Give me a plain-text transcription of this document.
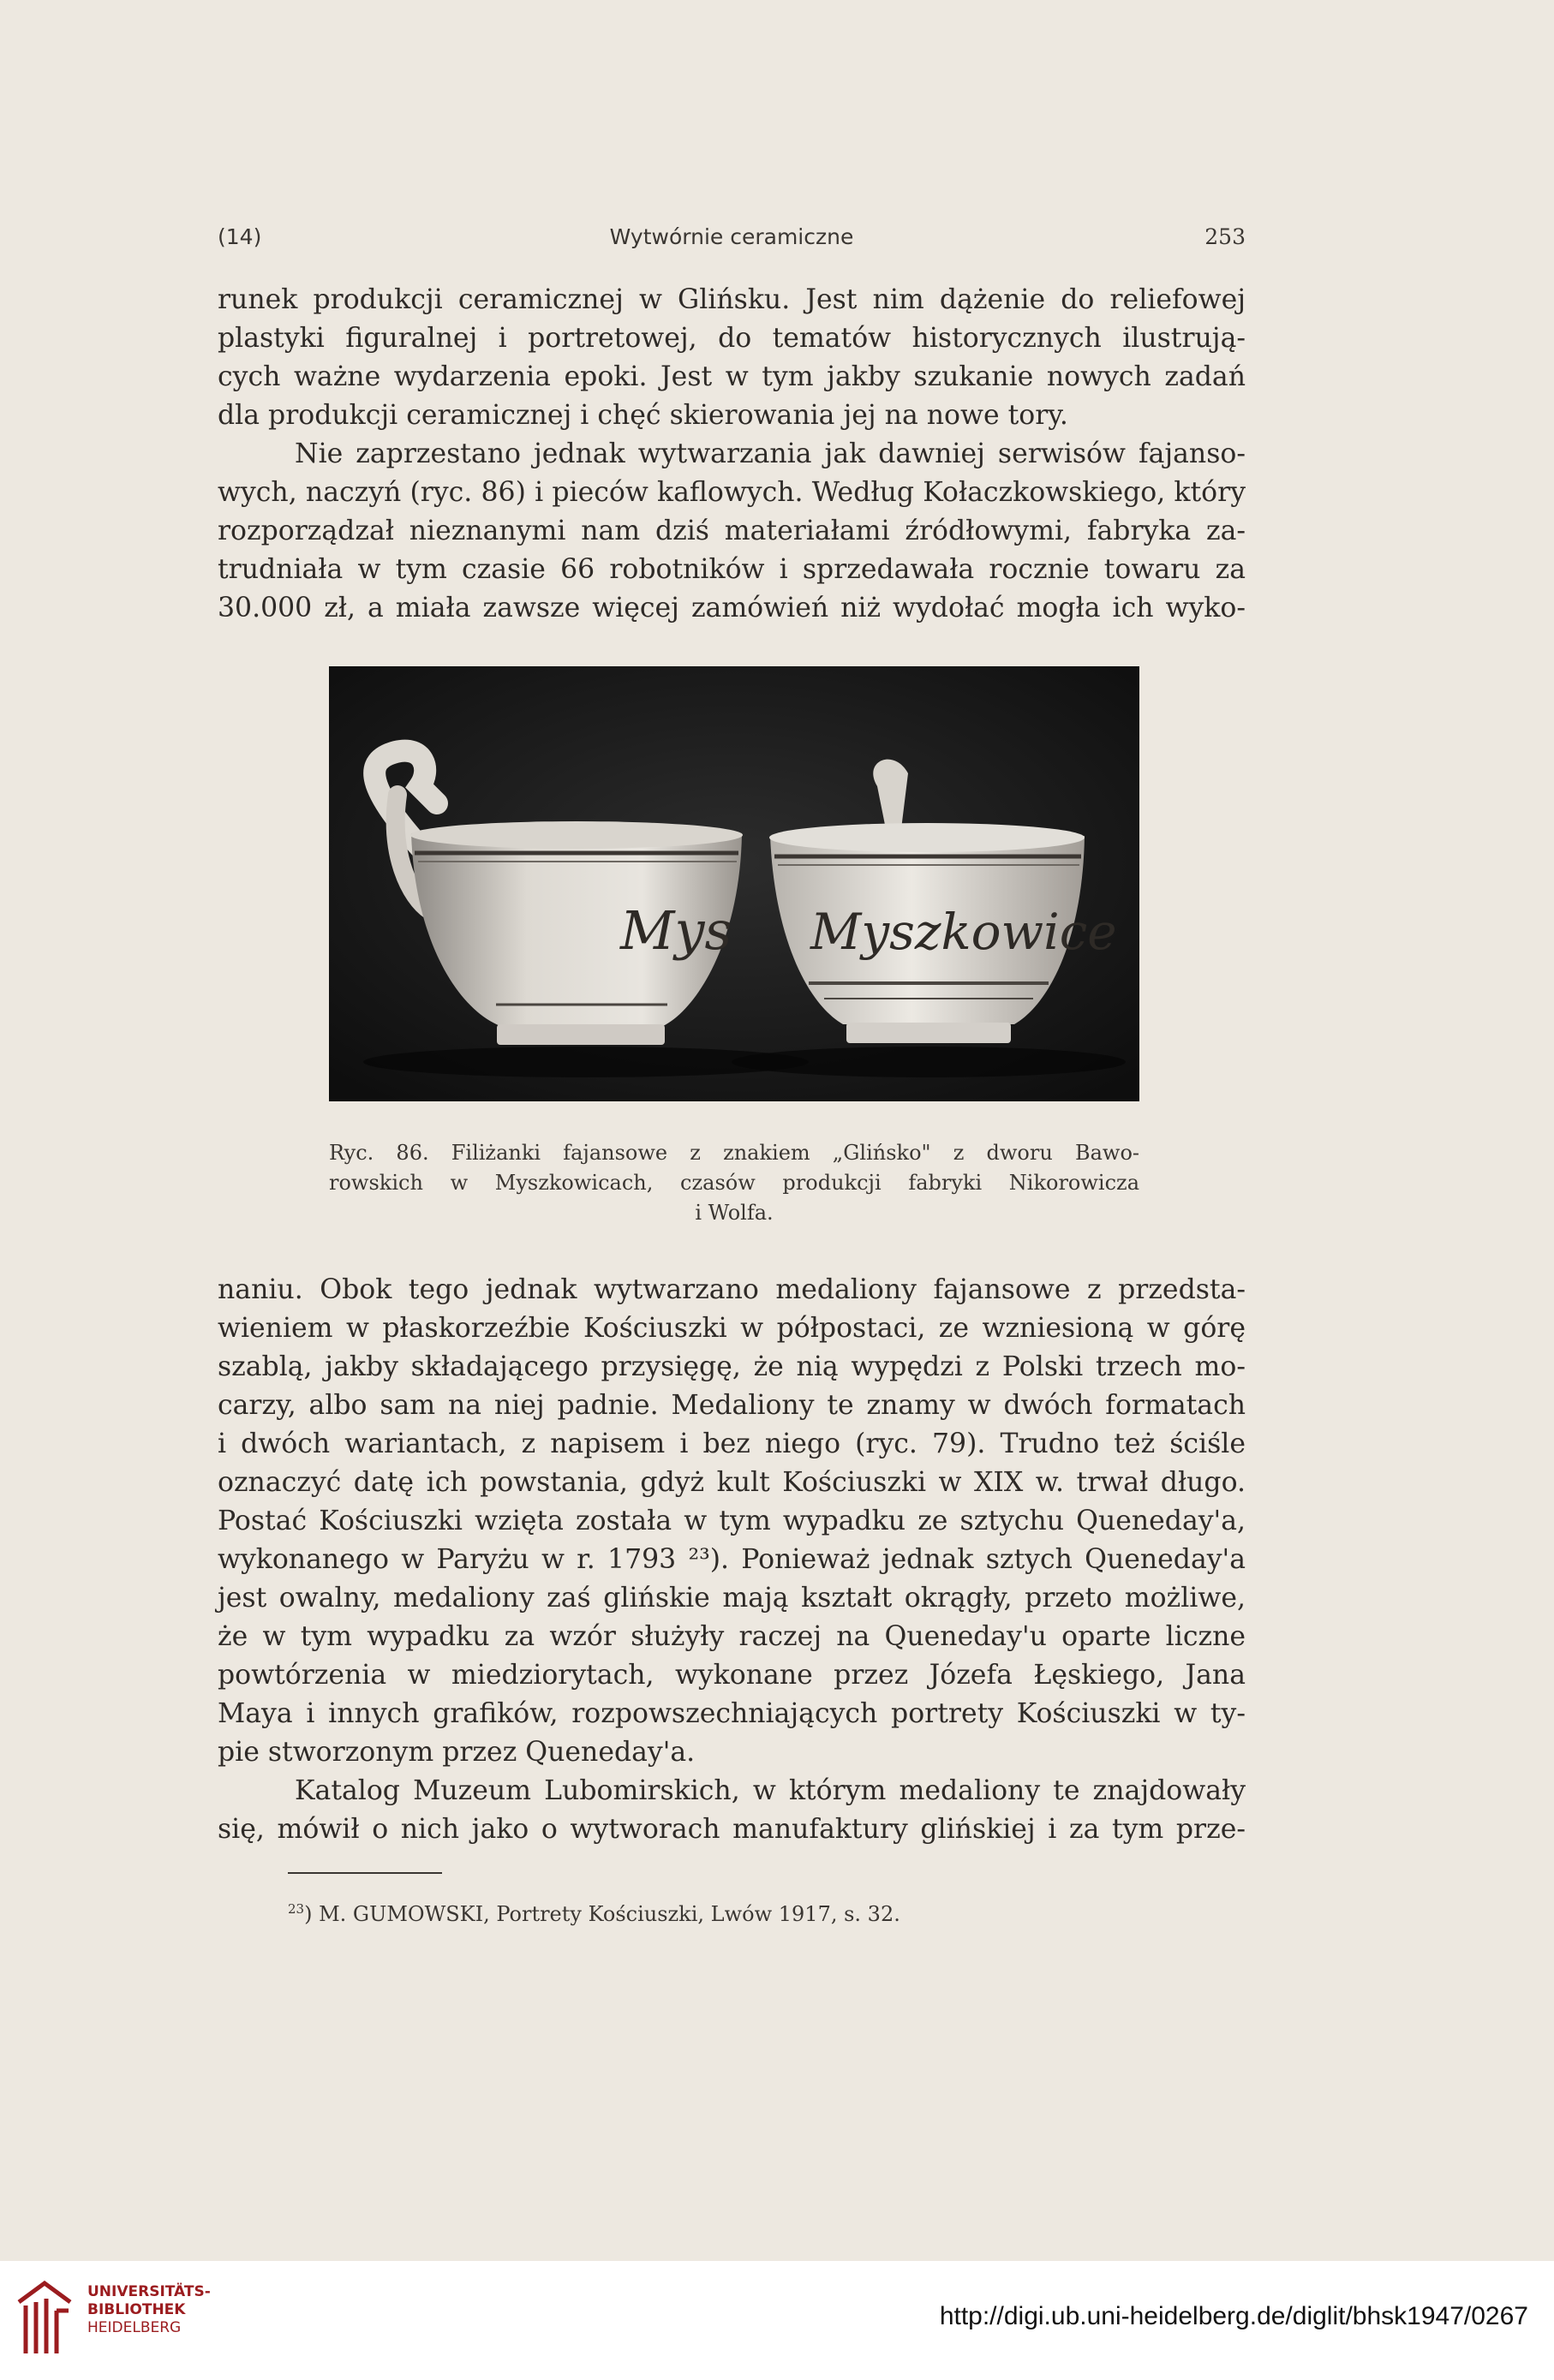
(14)	Wytwórnie ceramiczne	253
runek produkcji ceramicznej w Glińsku. Jest nim dążenie do reliefowej
plastyki figuralnej i portretowej, do tematów historycznych ilustrują-
cych ważne wydarzenia epoki. Jest w tym jakby szukanie nowych zadań
dla produkcji ceramicznej i chęć skierowania jej na nowe tory.
Nie zaprzestano jednak wytwarzania jak dawniej serwisów fajanso-
wych, naczyń (ryc. 86) i pieców kaflowych. Według Kołaczkowskiego, który
rozporządzał nieznanymi nam dziś materiałami źródłowymi, fabryka za-
trudniała w tym czasie 66 robotników i sprzedawała rocznie towaru za
30.000 zł, a miała zawsze więcej zamówień niż wydołać mogła ich wyko-
Mys Myszkowice
Ryc. 86. Filiżanki fajansowe z znakiem „Glińsko" z dworu Bawo-
rowskich w Myszkowicach, czasów produkcji fabryki Nikorowicza
i Wolfa.
naniu. Obok tego jednak wytwarzano medaliony fajansowe z przedsta-
wieniem w płaskorzeźbie Kościuszki w półpostaci, ze wzniesioną w górę
szablą, jakby składającego przysięgę, że nią wypędzi z Polski trzech mo-
carzy, albo sam na niej padnie. Medaliony te znamy w dwóch formatach
i dwóch wariantach, z napisem i bez niego (ryc. 79). Trudno też ściśle
oznaczyć datę ich powstania, gdyż kult Kościuszki w XIX w. trwał długo.
Postać Kościuszki wzięta została w tym wypadku ze sztychu Queneday'a,
wykonanego w Paryżu w r. 1793 ²³). Ponieważ jednak sztych Queneday'a
jest owalny, medaliony zaś glińskie mają kształt okrągły, przeto możliwe,
że w tym wypadku za wzór służyły raczej na Queneday'u oparte liczne
powtórzenia w miedziorytach, wykonane przez Józefa Łęskiego, Jana
Maya i innych grafików, rozpowszechniających portrety Kościuszki w ty-
pie stworzonym przez Queneday'a.
Katalog Muzeum Lubomirskich, w którym medaliony te znajdowały
się, mówił o nich jako o wytworach manufaktury glińskiej i za tym prze-
$^{23}$) M. GUMOWSKI, Portrety Kościuszki, Lwów 1917, s. 32.
UNIVERSITÄTS-
BIBLIOTHEK
HEIDELBERG	http://digi.ub.uni-heidelberg.de/diglit/bhsk1947/0267
